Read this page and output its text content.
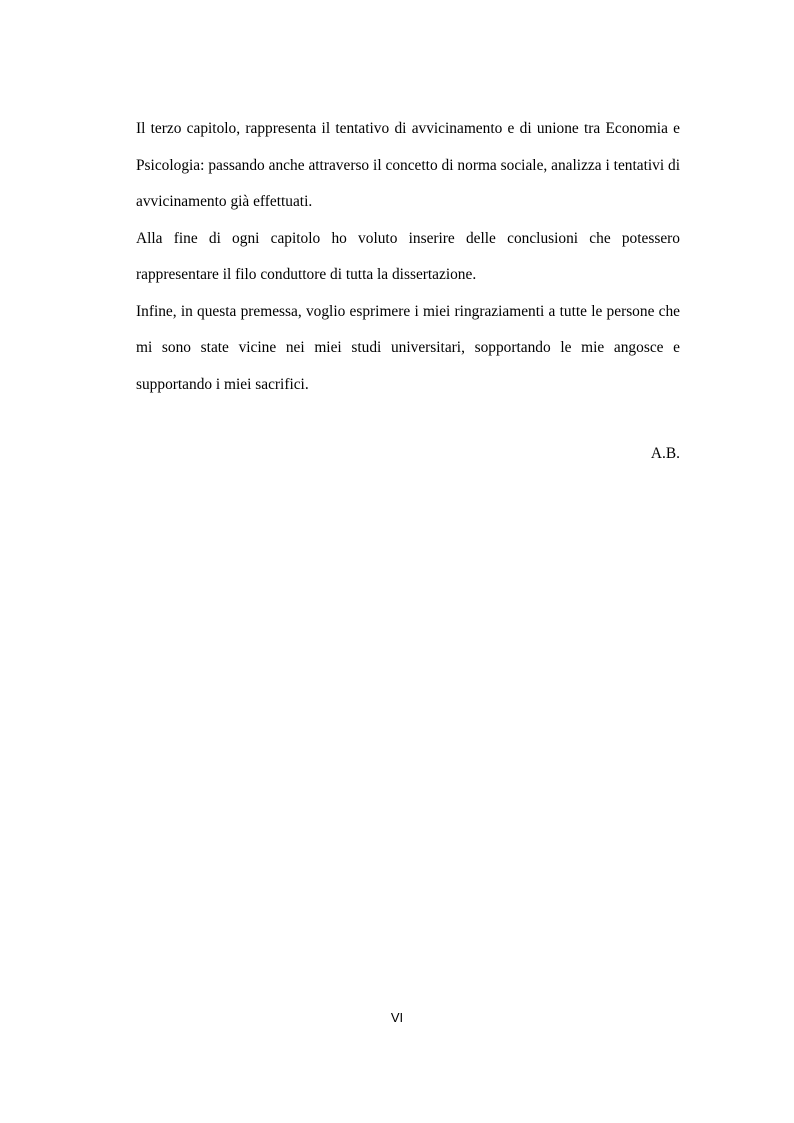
Il terzo capitolo, rappresenta il tentativo di avvicinamento e di unione tra Economia e Psicologia: passando anche attraverso il concetto di norma sociale, analizza i tentativi di avvicinamento già effettuati.

Alla fine di ogni capitolo ho voluto inserire delle conclusioni che potessero rappresentare il filo conduttore di tutta la dissertazione.

Infine, in questa premessa, voglio esprimere i miei ringraziamenti a tutte le persone che mi sono state vicine nei miei studi universitari, sopportando le mie angosce e supportando i miei sacrifici.

A.B.
VI
